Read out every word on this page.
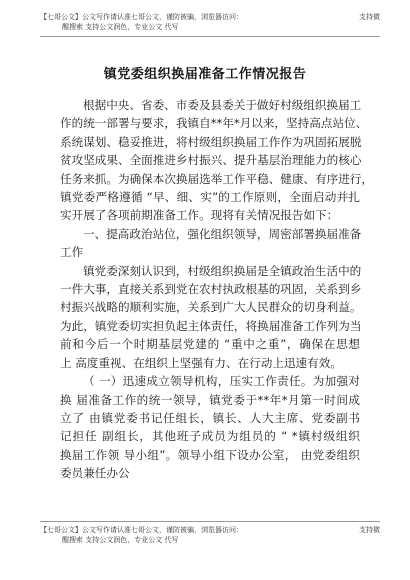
【七哥公文】公文写作请认准七哥公文，谨防被骗，浏览器访问：	支持微
醒搜索 支持公文润色，专业公文 代写
镇党委组织换届准备工作情况报告
根据中央、省委、市委及县委关于做好村级组织换届工
作的统一部署与要求，我镇自**年*月以来，坚持高点站位、
系统谋划、稳妥推进，将村级组织换届工作作为巩固拓展脱
贫攻坚成果、全面推进乡村振兴、提升基层治理能力的核心
任务来抓。为确保本次换届选举工作平稳、健康、有序进行，
镇党委严格遵循 “早、细、实”的工作原则，全面启动并扎
实开展了各项前期准备工作。现将有关情况报告如下：
一、提高政治站位，强化组织领导，周密部署换届准备
工作
镇党委深刻认识到，村级组织换届是全镇政治生活中的
一件大事，直接关系到党在农村执政根基的巩固，关系到乡
村振兴战略的顺利实施，关系到广大人民群众的切身利益。
为此，镇党委切实担负起主体责任，将换届准备工作列为当
前和今后一个时期基层党建的 “重中之重”，确保在思想
上 高度重视、在组织上坚强有力、在行动上迅速有效。
（ 一）迅速成立领导机构，压实工作责任。为加强对
换 届准备工作的统一领导，镇党委于**年*月第一时间成
立了 由镇党委书记任组长，镇长、人大主席、党委副书
记担任 副组长，其他班子成员为组员的 “ *镇村级组织
换届工作领 导小组”。领导小组下设办公室， 由党委组织
委员兼任办公
【七哥公文】公文写作请认准七哥公文，谨防被骗，浏览器访问：	支持微
醒搜索 支持公文润色，专业公文 代写
